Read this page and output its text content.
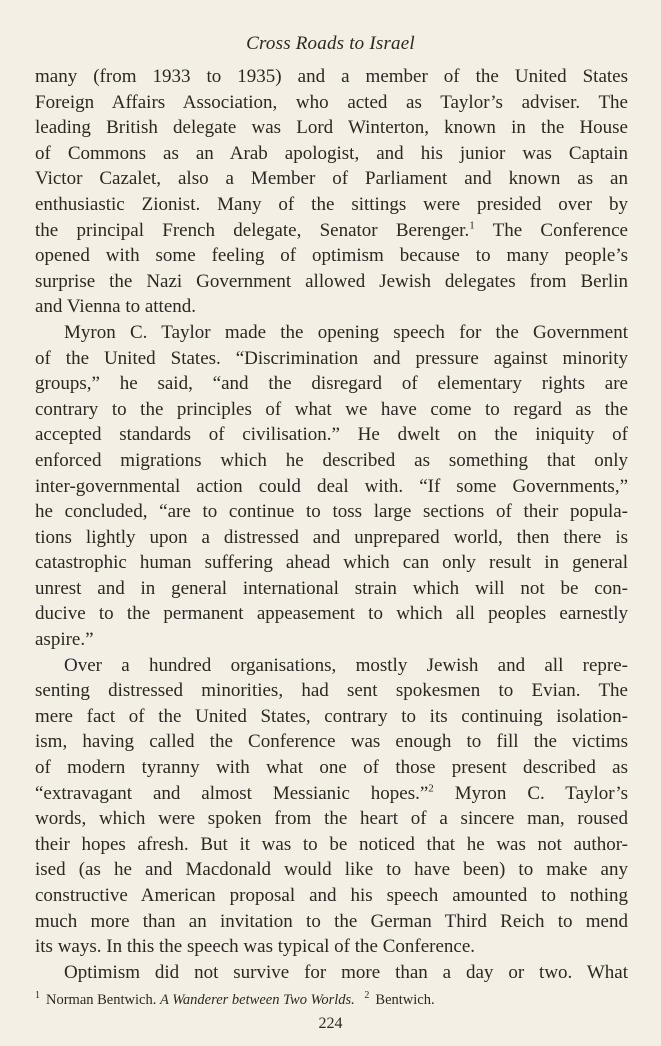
Cross Roads to Israel
many (from 1933 to 1935) and a member of the United States
Foreign Affairs Association, who acted as Taylor’s adviser. The
leading British delegate was Lord Winterton, known in the House
of Commons as an Arab apologist, and his junior was Captain
Victor Cazalet, also a Member of Parliament and known as an
enthusiastic Zionist. Many of the sittings were presided over by
the principal French delegate, Senator Berenger.$^1$ The Conference
opened with some feeling of optimism because to many people’s
surprise the Nazi Government allowed Jewish delegates from Berlin
and Vienna to attend.
Myron C. Taylor made the opening speech for the Government
of the United States. “Discrimination and pressure against minority
groups,” he said, “and the disregard of elementary rights are
contrary to the principles of what we have come to regard as the
accepted standards of civilisation.” He dwelt on the iniquity of
enforced migrations which he described as something that only
inter-governmental action could deal with. “If some Governments,”
he concluded, “are to continue to toss large sections of their popula-
tions lightly upon a distressed and unprepared world, then there is
catastrophic human suffering ahead which can only result in general
unrest and in general international strain which will not be con-
ducive to the permanent appeasement to which all peoples earnestly
aspire.”
Over a hundred organisations, mostly Jewish and all repre-
senting distressed minorities, had sent spokesmen to Evian. The
mere fact of the United States, contrary to its continuing isolation-
ism, having called the Conference was enough to fill the victims
of modern tyranny with what one of those present described as
“extravagant and almost Messianic hopes.”$^2$ Myron C. Taylor’s
words, which were spoken from the heart of a sincere man, roused
their hopes afresh. But it was to be noticed that he was not author-
ised (as he and Macdonald would like to have been) to make any
constructive American proposal and his speech amounted to nothing
much more than an invitation to the German Third Reich to mend
its ways. In this the speech was typical of the Conference.
Optimism did not survive for more than a day or two. What
$^1$ Norman Bentwich. A Wanderer between Two Worlds. $^2$ Bentwich.
224
